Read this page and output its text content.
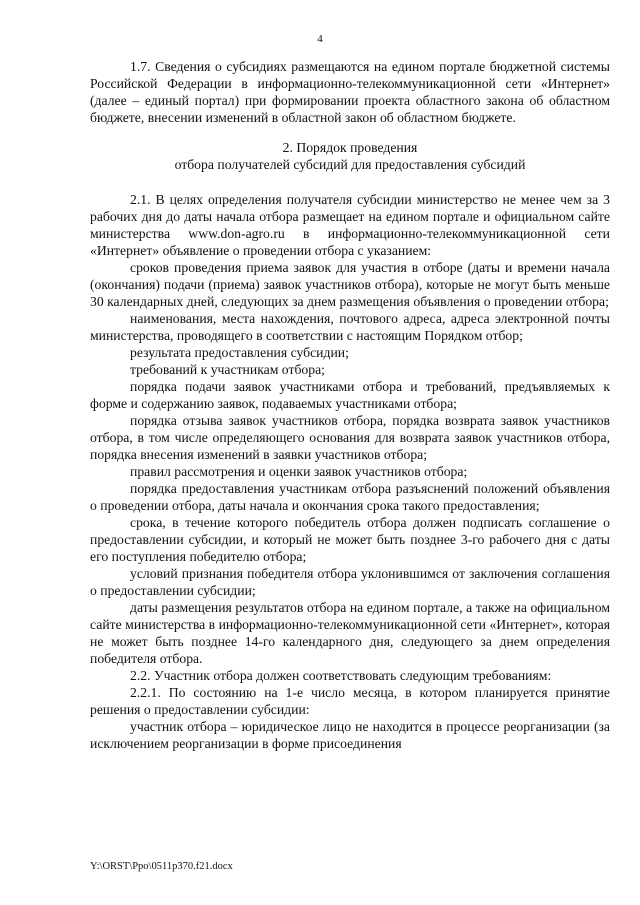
4

1.7. Сведения о субсидиях размещаются на едином портале бюджетной системы Российской Федерации в информационно-телекоммуникационной сети «Интернет» (далее – единый портал) при формировании проекта областного закона об областном бюджете, внесении изменений в областной закон об областном бюджете.

2. Порядок проведения
отбора получателей субсидий для предоставления субсидий

2.1. В целях определения получателя субсидии министерство не менее чем за 3 рабочих дня до даты начала отбора размещает на едином портале и официальном сайте министерства www.don-agro.ru в информационно-телекоммуникационной сети «Интернет» объявление о проведении отбора с указанием:

сроков проведения приема заявок для участия в отборе (даты и времени начала (окончания) подачи (приема) заявок участников отбора), которые не могут быть меньше 30 календарных дней, следующих за днем размещения объявления о проведении отбора;

наименования, места нахождения, почтового адреса, адреса электронной почты министерства, проводящего в соответствии с настоящим Порядком отбор;

результата предоставления субсидии;

требований к участникам отбора;

порядка подачи заявок участниками отбора и требований, предъявляемых к форме и содержанию заявок, подаваемых участниками отбора;

порядка отзыва заявок участников отбора, порядка возврата заявок участников отбора, в том числе определяющего основания для возврата заявок участников отбора, порядка внесения изменений в заявки участников отбора;

правил рассмотрения и оценки заявок участников отбора;

порядка предоставления участникам отбора разъяснений положений объявления о проведении отбора, даты начала и окончания срока такого предоставления;

срока, в течение которого победитель отбора должен подписать соглашение о предоставлении субсидии, и который не может быть позднее 3-го рабочего дня с даты его поступления победителю отбора;

условий признания победителя отбора уклонившимся от заключения соглашения о предоставлении субсидии;

даты размещения результатов отбора на едином портале, а также на официальном сайте министерства в информационно-телекоммуникационной сети «Интернет», которая не может быть позднее 14-го календарного дня, следующего за днем определения победителя отбора.

2.2. Участник отбора должен соответствовать следующим требованиям:

2.2.1. По состоянию на 1-е число месяца, в котором планируется принятие решения о предоставлении субсидии:

участник отбора – юридическое лицо не находится в процессе реорганизации (за исключением реорганизации в форме присоединения

Y:\ORST\Ppo\0511p370.f21.docx
